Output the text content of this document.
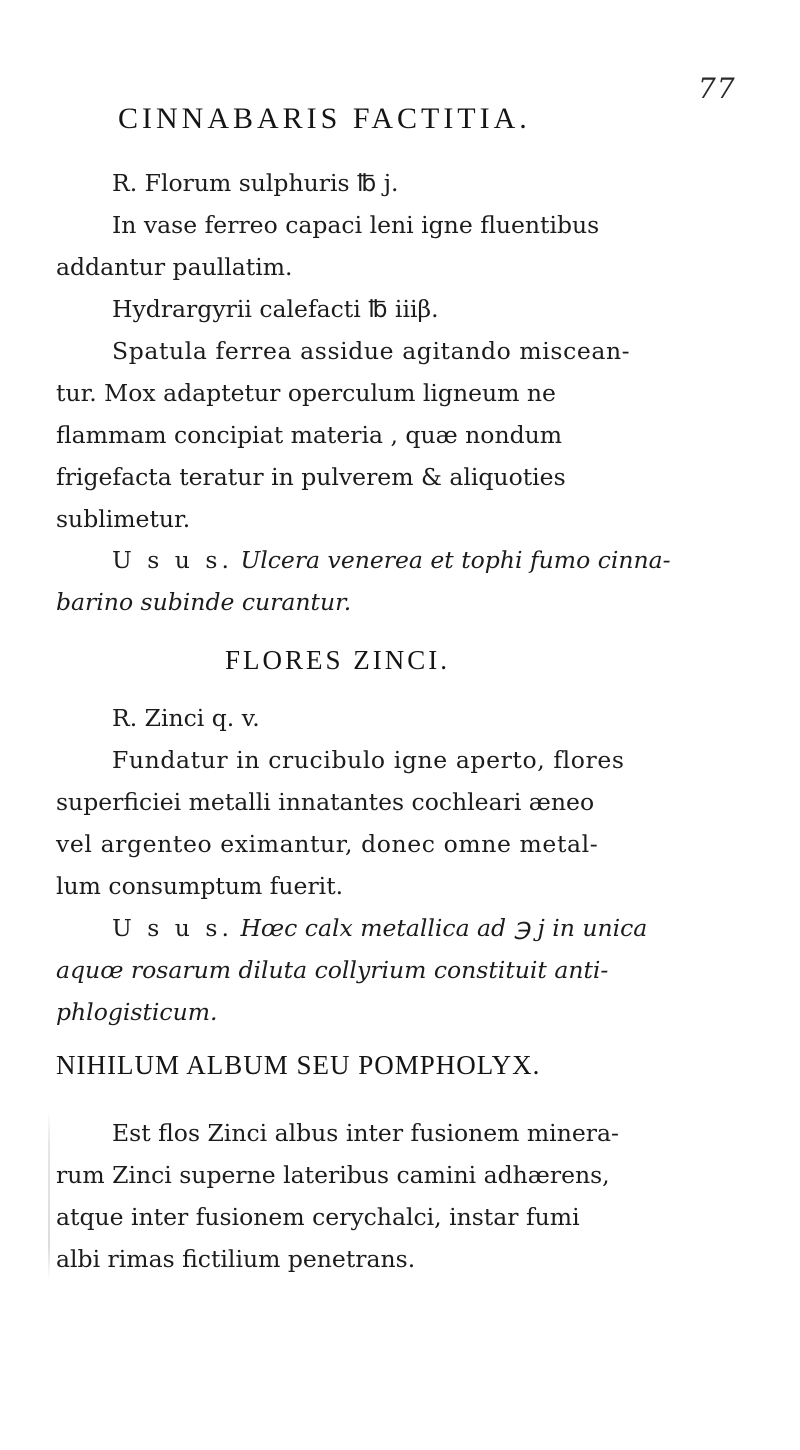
77
CINNABARIS FACTITIA.
R. Florum sulphuris ℔ j.
In vase ferreo capaci leni igne fluentibus
addantur paullatim.
Hydrargyrii calefacti ℔ iiiβ.
Spatula ferrea assidue agitando miscean-
tur. Mox adaptetur operculum ligneum ne
flammam concipiat materia , quæ nondum
frigefacta teratur in pulverem & aliquoties
sublimetur.
U s u s. Ulcera venerea et tophi fumo cinna-
barino subinde curantur.
FLORES ZINCI.
R. Zinci q. v.
Fundatur in crucibulo igne aperto, flores
superficiei metalli innatantes cochleari æneo
vel argenteo eximantur, donec omne metal-
lum consumptum fuerit.
U s u s. Hœc calx metallica ad ℈ j in unica
aquœ rosarum diluta collyrium constituit anti-
phlogisticum.
NIHILUM ALBUM SEU POMPHOLYX.
Est flos Zinci albus inter fusionem minera-
rum Zinci superne lateribus camini adhærens,
atque inter fusionem cerychalci, instar fumi
albi rimas fictilium penetrans.
